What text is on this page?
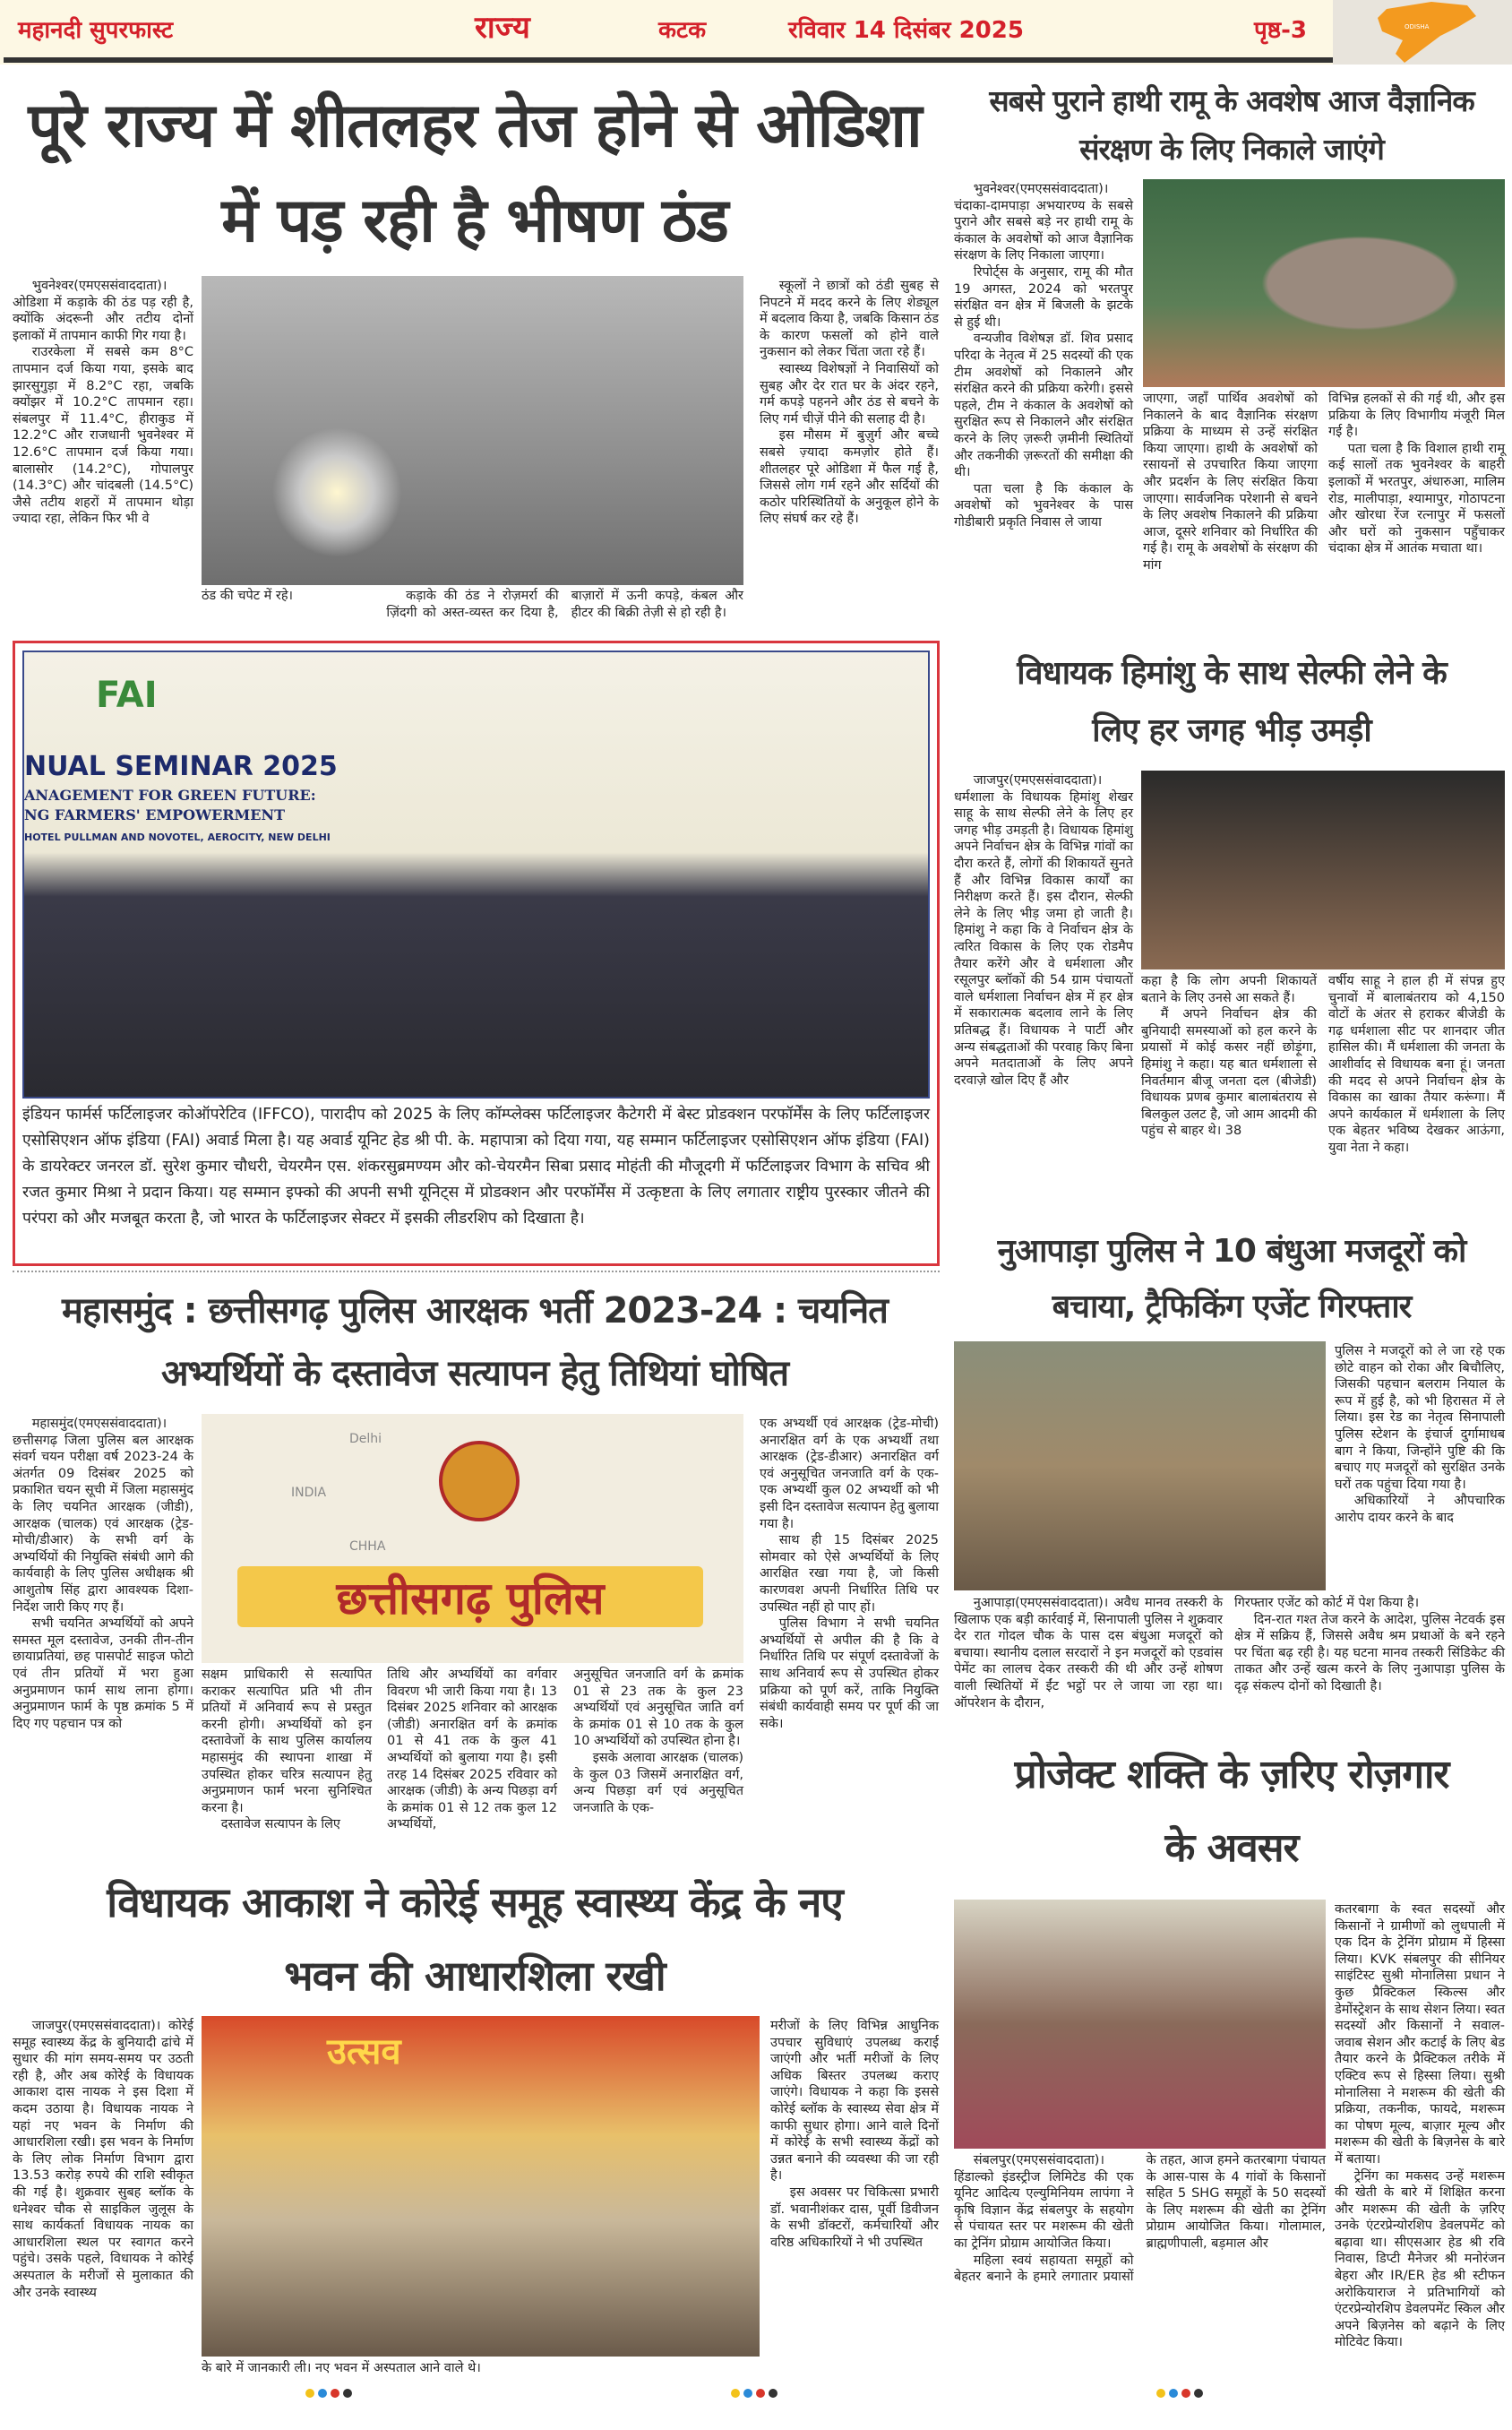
महानदी सुपरफास्ट	राज्य	कटक	रविवार 14 दिसंबर 2025	पृष्ठ-3	ODISHA
पूरे राज्य में शीतलहर तेज होने से ओडिशा
में पड़ रही है भीषण ठंड

भुवनेश्वर(एमएससंवाददाता)। ओडिशा में कड़ाके की ठंड पड़ रही है, क्योंकि अंदरूनी और तटीय दोनों इलाकों में तापमान काफी गिर गया है।

राउरकेला में सबसे कम 8°C तापमान दर्ज किया गया, इसके बाद झारसुगुड़ा में 8.2°C रहा, जबकि क्योंझर में 10.2°C तापमान रहा। संबलपुर में 11.4°C, हीराकुड में 12.2°C और राजधानी भुवनेश्वर में 12.6°C तापमान दर्ज किया गया। बालासोर (14.2°C), गोपालपुर (14.3°C) और चांदबली (14.5°C) जैसे तटीय शहरों में तापमान थोड़ा ज्यादा रहा, लेकिन फिर भी वे

ठंड की चपेट में रहे।	कड़ाके की ठंड ने रोज़मर्रा की ज़िंदगी को अस्त-व्यस्त कर दिया है, बाज़ारों में ऊनी कपड़े, कंबल और हीटर की बिक्री तेज़ी से हो रही है।

स्कूलों ने छात्रों को ठंडी सुबह से निपटने में मदद करने के लिए शेड्यूल में बदलाव किया है, जबकि किसान ठंड के कारण फसलों को होने वाले नुकसान को लेकर चिंता जता रहे हैं।

स्वास्थ्य विशेषज्ञों ने निवासियों को सुबह और देर रात घर के अंदर रहने, गर्म कपड़े पहनने और ठंड से बचने के लिए गर्म चीज़ें पीने की सलाह दी है।

इस मौसम में बुज़ुर्ग और बच्चे सबसे ज़्यादा कमज़ोर होते हैं। शीतलहर पूरे ओडिशा में फैल गई है, जिससे लोग गर्म रहने और सर्दियों की कठोर परिस्थितियों के अनुकूल होने के लिए संघर्ष कर रहे हैं।

सबसे पुराने हाथी रामू के अवशेष आज वैज्ञानिक
संरक्षण के लिए निकाले जाएंगे

भुवनेश्वर(एमएससंवाददाता)। चंदाका-दामपाड़ा अभयारण्य के सबसे पुराने और सबसे बड़े नर हाथी रामू के कंकाल के अवशेषों को आज वैज्ञानिक संरक्षण के लिए निकाला जाएगा।

रिपोर्ट्स के अनुसार, रामू की मौत 19 अगस्त, 2024 को भरतपुर संरक्षित वन क्षेत्र में बिजली के झटके से हुई थी।

वन्यजीव विशेषज्ञ डॉ. शिव प्रसाद परिदा के नेतृत्व में 25 सदस्यों की एक टीम अवशेषों को निकालने और संरक्षित करने की प्रक्रिया करेगी। इससे पहले, टीम ने कंकाल के अवशेषों को सुरक्षित रूप से निकालने और संरक्षित करने के लिए ज़रूरी ज़मीनी स्थितियों और तकनीकी ज़रूरतों की समीक्षा की थी।

पता चला है कि कंकाल के अवशेषों को भुवनेश्वर के पास गोडीबारी प्रकृति निवास ले जाया

जाएगा, जहाँ पार्थिव अवशेषों को निकालने के बाद वैज्ञानिक संरक्षण प्रक्रिया के माध्यम से उन्हें संरक्षित किया जाएगा। हाथी के अवशेषों को रसायनों से उपचारित किया जाएगा और प्रदर्शन के लिए संरक्षित किया जाएगा। सार्वजनिक परेशानी से बचने के लिए अवशेष निकालने की प्रक्रिया आज, दूसरे शनिवार को निर्धारित की गई है। रामू के अवशेषों के संरक्षण की मांग

विभिन्न हलकों से की गई थी, और इस प्रक्रिया के लिए विभागीय मंजूरी मिल गई है।

पता चला है कि विशाल हाथी रामू कई सालों तक भुवनेश्वर के बाहरी इलाकों में भरतपुर, अंधारुआ, मालिम रोड, मालीपाड़ा, श्यामापुर, गोठापटना और खोरधा रेंज रत्नापुर में फसलों और घरों को नुकसान पहुँचाकर चंदाका क्षेत्र में आतंक मचाता था।

FAI
NUAL SEMINAR 2025
ANAGEMENT FOR GREEN FUTURE:
NG FARMERS' EMPOWERMENT
HOTEL PULLMAN AND NOVOTEL, AEROCITY, NEW DELHI
इंडियन फार्मर्स फर्टिलाइजर कोऑपरेटिव (IFFCO), पारादीप को 2025 के लिए कॉम्प्लेक्स फर्टिलाइजर कैटेगरी में बेस्ट प्रोडक्शन परफॉर्मेंस के लिए फर्टिलाइजर एसोसिएशन ऑफ इंडिया (FAI) अवार्ड मिला है। यह अवार्ड यूनिट हेड श्री पी. के. महापात्रा को दिया गया, यह सम्मान फर्टिलाइजर एसोसिएशन ऑफ इंडिया (FAI) के डायरेक्टर जनरल डॉ. सुरेश कुमार चौधरी, चेयरमैन एस. शंकरसुब्रमण्यम और को-चेयरमैन सिबा प्रसाद मोहंती की मौजूदगी में फर्टिलाइजर विभाग के सचिव श्री रजत कुमार मिश्रा ने प्रदान किया। यह सम्मान इफ्को की अपनी सभी यूनिट्स में प्रोडक्शन और परफॉर्मेंस में उत्कृष्टता के लिए लगातार राष्ट्रीय पुरस्कार जीतने की परंपरा को और मजबूत करता है, जो भारत के फर्टिलाइजर सेक्टर में इसकी लीडरशिप को दिखाता है।
विधायक हिमांशु के साथ सेल्फी लेने के
लिए हर जगह भीड़ उमड़ी

जाजपुर(एमएससंवाददाता)। धर्मशाला के विधायक हिमांशु शेखर साहू के साथ सेल्फी लेने के लिए हर जगह भीड़ उमड़ती है। विधायक हिमांशु अपने निर्वाचन क्षेत्र के विभिन्न गांवों का दौरा करते हैं, लोगों की शिकायतें सुनते हैं और विभिन्न विकास कार्यों का निरीक्षण करते हैं। इस दौरान, सेल्फी लेने के लिए भीड़ जमा हो जाती है। हिमांशु ने कहा कि वे निर्वाचन क्षेत्र के त्वरित विकास के लिए एक रोडमैप तैयार करेंगे और वे धर्मशाला और रसूलपुर ब्लॉकों की 54 ग्राम पंचायतों वाले धर्मशाला निर्वाचन क्षेत्र में हर क्षेत्र में सकारात्मक बदलाव लाने के लिए प्रतिबद्ध हैं। विधायक ने पार्टी और अन्य संबद्धताओं की परवाह किए बिना अपने मतदाताओं के लिए अपने दरवाज़े खोल दिए हैं और

कहा है कि लोग अपनी शिकायतें बताने के लिए उनसे आ सकते हैं।

मैं अपने निर्वाचन क्षेत्र की बुनियादी समस्याओं को हल करने के प्रयासों में कोई कसर नहीं छोड़ूंगा, हिमांशु ने कहा। यह बात धर्मशाला से निवर्तमान बीजू जनता दल (बीजेडी) विधायक प्रणब कुमार बालाबंतराय से बिलकुल उलट है, जो आम आदमी की पहुंच से बाहर थे। 38

वर्षीय साहू ने हाल ही में संपन्न हुए चुनावों में बालाबंतराय को 4,150 वोटों के अंतर से हराकर बीजेडी के गढ़ धर्मशाला सीट पर शानदार जीत हासिल की। मैं धर्मशाला की जनता के आशीर्वाद से विधायक बना हूं। जनता की मदद से अपने निर्वाचन क्षेत्र के विकास का खाका तैयार करूंगा। मैं अपने कार्यकाल में धर्मशाला के लिए एक बेहतर भविष्य देखकर आऊंगा, युवा नेता ने कहा।

नुआपाड़ा पुलिस ने 10 बंधुआ मजदूरों को
बचाया, ट्रैफिकिंग एजेंट गिरफ्तार

पुलिस ने मजदूरों को ले जा रहे एक छोटे वाहन को रोका और बिचौलिए, जिसकी पहचान बलराम नियाल के रूप में हुई है, को भी हिरासत में ले लिया। इस रेड का नेतृत्व सिनापाली पुलिस स्टेशन के इंचार्ज दुर्गामाधब बाग ने किया, जिन्होंने पुष्टि की कि बचाए गए मजदूरों को सुरक्षित उनके घरों तक पहुंचा दिया गया है।

अधिकारियों ने औपचारिक आरोप दायर करने के बाद

नुआपाड़ा(एमएससंवाददाता)। अवैध मानव तस्करी के खिलाफ एक बड़ी कार्रवाई में, सिनापाली पुलिस ने शुक्रवार देर रात गोदल चौक के पास दस बंधुआ मजदूरों को बचाया। स्थानीय दलाल सरदारों ने इन मजदूरों को एडवांस पेमेंट का लालच देकर तस्करी की थी और उन्हें शोषण वाली स्थितियों में ईंट भट्ठों पर ले जाया जा रहा था। ऑपरेशन के दौरान,

गिरफ्तार एजेंट को कोर्ट में पेश किया है।

दिन-रात गश्त तेज करने के आदेश, पुलिस नेटवर्क इस क्षेत्र में सक्रिय हैं, जिससे अवैध श्रम प्रथाओं के बने रहने पर चिंता बढ़ रही है। यह घटना मानव तस्करी सिंडिकेट की ताकत और उन्हें खत्म करने के लिए नुआपाड़ा पुलिस के दृढ़ संकल्प दोनों को दिखाती है।

प्रोजेक्ट शक्ति के ज़रिए रोज़गार
के अवसर

कतरबागा के स्वत सदस्यों और किसानों ने ग्रामीणों को लुधपाली में एक दिन के ट्रेनिंग प्रोग्राम में हिस्सा लिया। KVK संबलपुर की सीनियर साइंटिस्ट सुश्री मोनालिसा प्रधान ने कुछ प्रैक्टिकल स्किल्स और डेमोंस्ट्रेशन के साथ सेशन लिया। स्वत सदस्यों और किसानों ने सवाल-जवाब सेशन और कटाई के लिए बेड तैयार करने के प्रैक्टिकल तरीके में एक्टिव रूप से हिस्सा लिया। सुश्री मोनालिसा ने मशरूम की खेती की प्रक्रिया, तकनीक, फायदे, मशरूम का पोषण मूल्य, बाज़ार मूल्य और मशरूम की खेती के बिज़नेस के बारे में बताया।

ट्रेनिंग का मकसद उन्हें मशरूम की खेती के बारे में शिक्षित करना और मशरूम की खेती के ज़रिए उनके एंटरप्रेन्योरशिप डेवलपमेंट को बढ़ावा था। सीएसआर हेड श्री रवि निवास, डिप्टी मैनेजर श्री मनोरंजन बेहरा और IR/ER हेड श्री स्टीफन अरोकियाराज ने प्रतिभागियों को एंटरप्रेन्योरशिप डेवलपमेंट स्किल और अपने बिज़नेस को बढ़ाने के लिए मोटिवेट किया।

संबलपुर(एमएससंवाददाता)। हिंडाल्को इंडस्ट्रीज लिमिटेड की एक यूनिट आदित्य एल्युमिनियम लापंगा ने कृषि विज्ञान केंद्र संबलपुर के सहयोग से पंचायत स्तर पर मशरूम की खेती का ट्रेनिंग प्रोग्राम आयोजित किया।

महिला स्वयं सहायता समूहों को बेहतर बनाने के हमारे लगातार प्रयासों के तहत, आज हमने कतरबागा पंचायत के आस-पास के 4 गांवों के किसानों सहित 5 SHG समूहों के 50 सदस्यों के लिए मशरूम की खेती का ट्रेनिंग प्रोग्राम आयोजित किया। गोलामाल, ब्राह्मणीपाली, बड़माल और

महासमुंद : छत्तीसगढ़ पुलिस आरक्षक भर्ती 2023-24 : चयनित
अभ्यर्थियों के दस्तावेज सत्यापन हेतु तिथियां घोषित

महासमुंद(एमएससंवाददाता)। छत्तीसगढ़ जिला पुलिस बल आरक्षक संवर्ग चयन परीक्षा वर्ष 2023-24 के अंतर्गत 09 दिसंबर 2025 को प्रकाशित चयन सूची में जिला महासमुंद के लिए चयनित आरक्षक (जीडी), आरक्षक (चालक) एवं आरक्षक (ट्रेड-मोची/डीआर) के सभी वर्ग के अभ्यर्थियों की नियुक्ति संबंधी आगे की कार्यवाही के लिए पुलिस अधीक्षक श्री आशुतोष सिंह द्वारा आवश्यक दिशा-निर्देश जारी किए गए हैं।

सभी चयनित अभ्यर्थियों को अपने समस्त मूल दस्तावेज, उनकी तीन-तीन छायाप्रतियां, छह पासपोर्ट साइज फोटो एवं तीन प्रतियों में भरा हुआ अनुप्रमाणन फार्म साथ लाना होगा। अनुप्रमाणन फार्म के पृष्ठ क्रमांक 5 में दिए गए पहचान पत्र को

Delhi
INDIA
CHHA
छत्तीसगढ़ पुलिस

सक्षम प्राधिकारी से सत्यापित कराकर सत्यापित प्रति भी तीन प्रतियों में अनिवार्य रूप से प्रस्तुत करनी होगी। अभ्यर्थियों को इन दस्तावेजों के साथ पुलिस कार्यालय महासमुंद की स्थापना शाखा में उपस्थित होकर चरित्र सत्यापन हेतु अनुप्रमाणन फार्म भरना सुनिश्चित करना है।

दस्तावेज सत्यापन के लिए

तिथि और अभ्यर्थियों का वर्गवार विवरण भी जारी किया गया है। 13 दिसंबर 2025 शनिवार को आरक्षक (जीडी) अनारक्षित वर्ग के क्रमांक 01 से 41 तक के कुल 41 अभ्यर्थियों को बुलाया गया है। इसी तरह 14 दिसंबर 2025 रविवार को आरक्षक (जीडी) के अन्य पिछड़ा वर्ग के क्रमांक 01 से 12 तक कुल 12 अभ्यर्थियों,

अनुसूचित जनजाति वर्ग के क्रमांक 01 से 23 तक के कुल 23 अभ्यर्थियों एवं अनुसूचित जाति वर्ग के क्रमांक 01 से 10 तक के कुल 10 अभ्यर्थियों को उपस्थित होना है।

इसके अलावा आरक्षक (चालक) के कुल 03 जिसमें अनारक्षित वर्ग, अन्य पिछड़ा वर्ग एवं अनुसूचित जनजाति के एक-

एक अभ्यर्थी एवं आरक्षक (ट्रेड-मोची) अनारक्षित वर्ग के एक अभ्यर्थी तथा आरक्षक (ट्रेड-डीआर) अनारक्षित वर्ग एवं अनुसूचित जनजाति वर्ग के एक-एक अभ्यर्थी कुल 02 अभ्यर्थी को भी इसी दिन दस्तावेज सत्यापन हेतु बुलाया गया है।

साथ ही 15 दिसंबर 2025 सोमवार को ऐसे अभ्यर्थियों के लिए आरक्षित रखा गया है, जो किसी कारणवश अपनी निर्धारित तिथि पर उपस्थित नहीं हो पाए हों।

पुलिस विभाग ने सभी चयनित अभ्यर्थियों से अपील की है कि वे निर्धारित तिथि पर संपूर्ण दस्तावेजों के साथ अनिवार्य रूप से उपस्थित होकर प्रक्रिया को पूर्ण करें, ताकि नियुक्ति संबंधी कार्यवाही समय पर पूर्ण की जा सके।

विधायक आकाश ने कोरेई समूह स्वास्थ्य केंद्र के नए
भवन की आधारशिला रखी

जाजपुर(एमएससंवाददाता)। कोरेई समूह स्वास्थ्य केंद्र के बुनियादी ढांचे में सुधार की मांग समय-समय पर उठती रही है, और अब कोरेई के विधायक आकाश दास नायक ने इस दिशा में कदम उठाया है। विधायक नायक ने यहां नए भवन के निर्माण की आधारशिला रखी। इस भवन के निर्माण के लिए लोक निर्माण विभाग द्वारा 13.53 करोड़ रुपये की राशि स्वीकृत की गई है। शुक्रवार सुबह ब्लॉक के धनेश्वर चौक से साइकिल जुलूस के साथ कार्यकर्ता विधायक नायक का आधारशिला स्थल पर स्वागत करने पहुंचे। उसके पहले, विधायक ने कोरेई अस्पताल के मरीजों से मुलाकात की और उनके स्वास्थ्य

उत्सव

के बारे में जानकारी ली। नए भवन में अस्पताल आने वाले थे।

मरीजों के लिए विभिन्न आधुनिक उपचार सुविधाएं उपलब्ध कराई जाएंगी और भर्ती मरीजों के लिए अधिक बिस्तर उपलब्ध कराए जाएंगे। विधायक ने कहा कि इससे कोरेई ब्लॉक के स्वास्थ्य सेवा क्षेत्र में काफी सुधार होगा। आने वाले दिनों में कोरेई के सभी स्वास्थ्य केंद्रों को उन्नत बनाने की व्यवस्था की जा रही है।

इस अवसर पर चिकित्सा प्रभारी डॉ. भवानीशंकर दास, पूर्वी डिवीजन के सभी डॉक्टरों, कर्मचारियों और वरिष्ठ अधिकारियों ने भी उपस्थित
